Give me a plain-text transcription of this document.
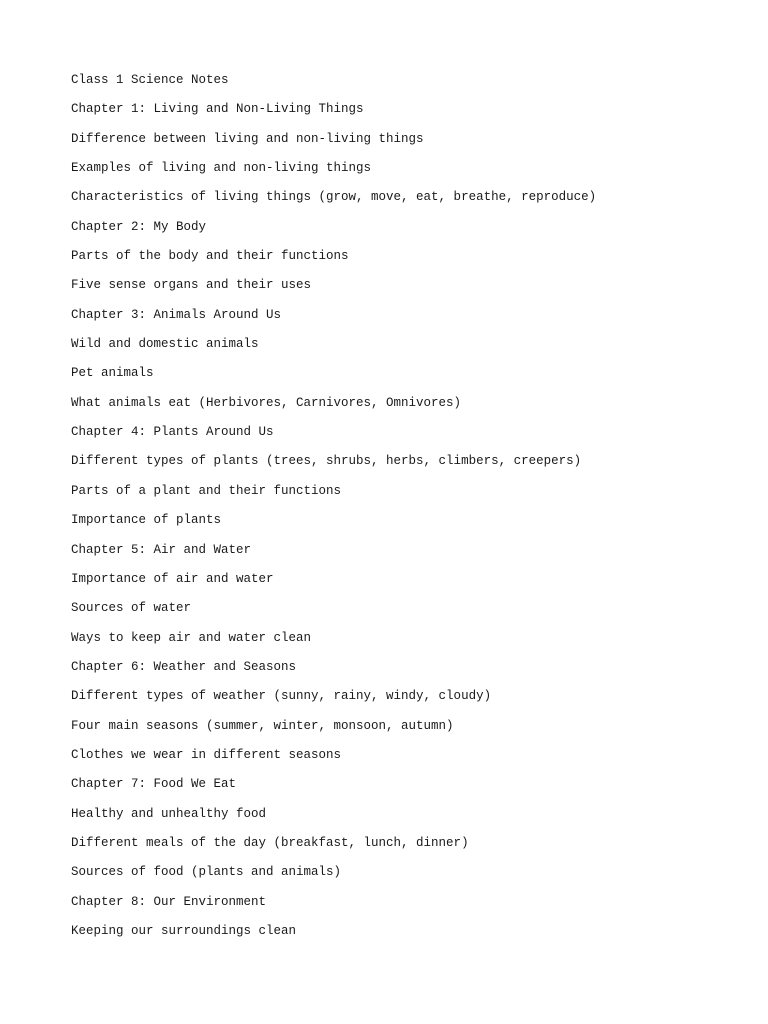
Class 1 Science Notes
Chapter 1: Living and Non-Living Things
Difference between living and non-living things
Examples of living and non-living things
Characteristics of living things (grow, move, eat, breathe, reproduce)
Chapter 2: My Body
Parts of the body and their functions
Five sense organs and their uses
Chapter 3: Animals Around Us
Wild and domestic animals
Pet animals
What animals eat (Herbivores, Carnivores, Omnivores)
Chapter 4: Plants Around Us
Different types of plants (trees, shrubs, herbs, climbers, creepers)
Parts of a plant and their functions
Importance of plants
Chapter 5: Air and Water
Importance of air and water
Sources of water
Ways to keep air and water clean
Chapter 6: Weather and Seasons
Different types of weather (sunny, rainy, windy, cloudy)
Four main seasons (summer, winter, monsoon, autumn)
Clothes we wear in different seasons
Chapter 7: Food We Eat
Healthy and unhealthy food
Different meals of the day (breakfast, lunch, dinner)
Sources of food (plants and animals)
Chapter 8: Our Environment
Keeping our surroundings clean
